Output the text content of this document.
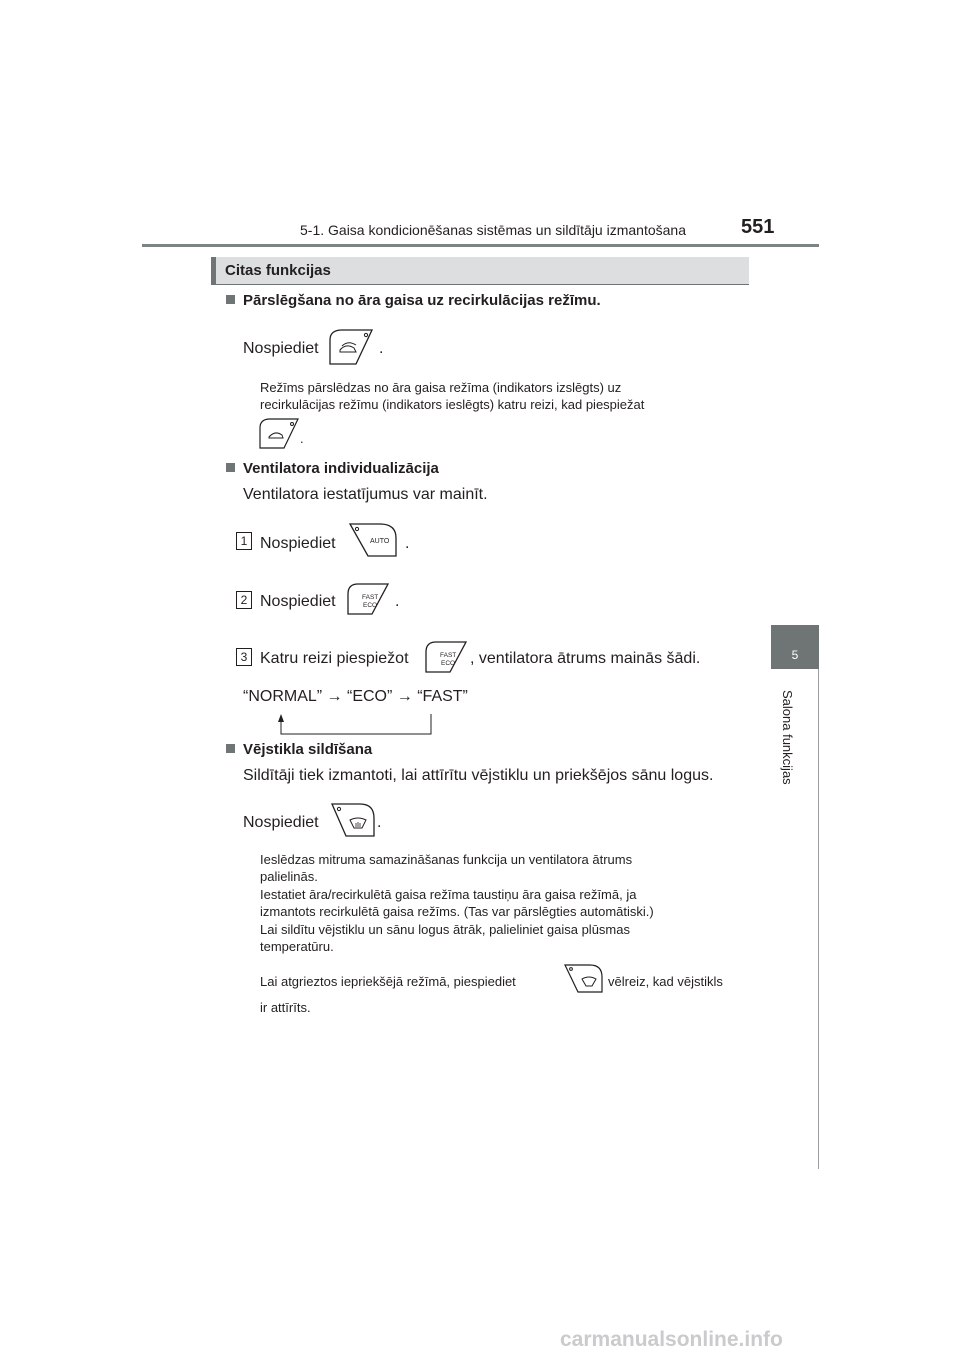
5-1. Gaisa kondicionēšanas sistēmas un sildītāju izmantošana	551
5
Salona funkcijas
Citas funkcijas
Pārslēgšana no āra gaisa uz recirkulācijas režīmu.
Nospiediet	.
Režīms pārslēdzas no āra gaisa režīma (indikators izslēgts) uz
recirkulācijas režīmu (indikators ieslēgts) katru reizi, kad piespiežat
.
Ventilatora individualizācija
Ventilatora iestatījumus var mainīt.
1 Nospiediet	AUTO .
2 Nospiediet	FAST
ECO .
3 Katru reizi piespiežot	FAST
ECO , ventilatora ātrums mainās šādi.
“NORMAL” → “ECO” → “FAST”
Vējstikla sildīšana
Sildītāji tiek izmantoti, lai attīrītu vējstiklu un priekšējos sānu logus.
Nospiediet	.
Ieslēdzas mitruma samazināšanas funkcija un ventilatora ātrums
palielinās.
Iestatiet āra/recirkulētā gaisa režīma taustiņu āra gaisa režīmā, ja
izmantots recirkulētā gaisa režīms. (Tas var pārslēgties automātiski.)
Lai sildītu vējstiklu un sānu logus ātrāk, palieliniet gaisa plūsmas
temperatūru.
Lai atgrieztos iepriekšējā režīmā, piespiediet	vēlreiz, kad vējstikls
ir attīrīts.
carmanualsonline.info
